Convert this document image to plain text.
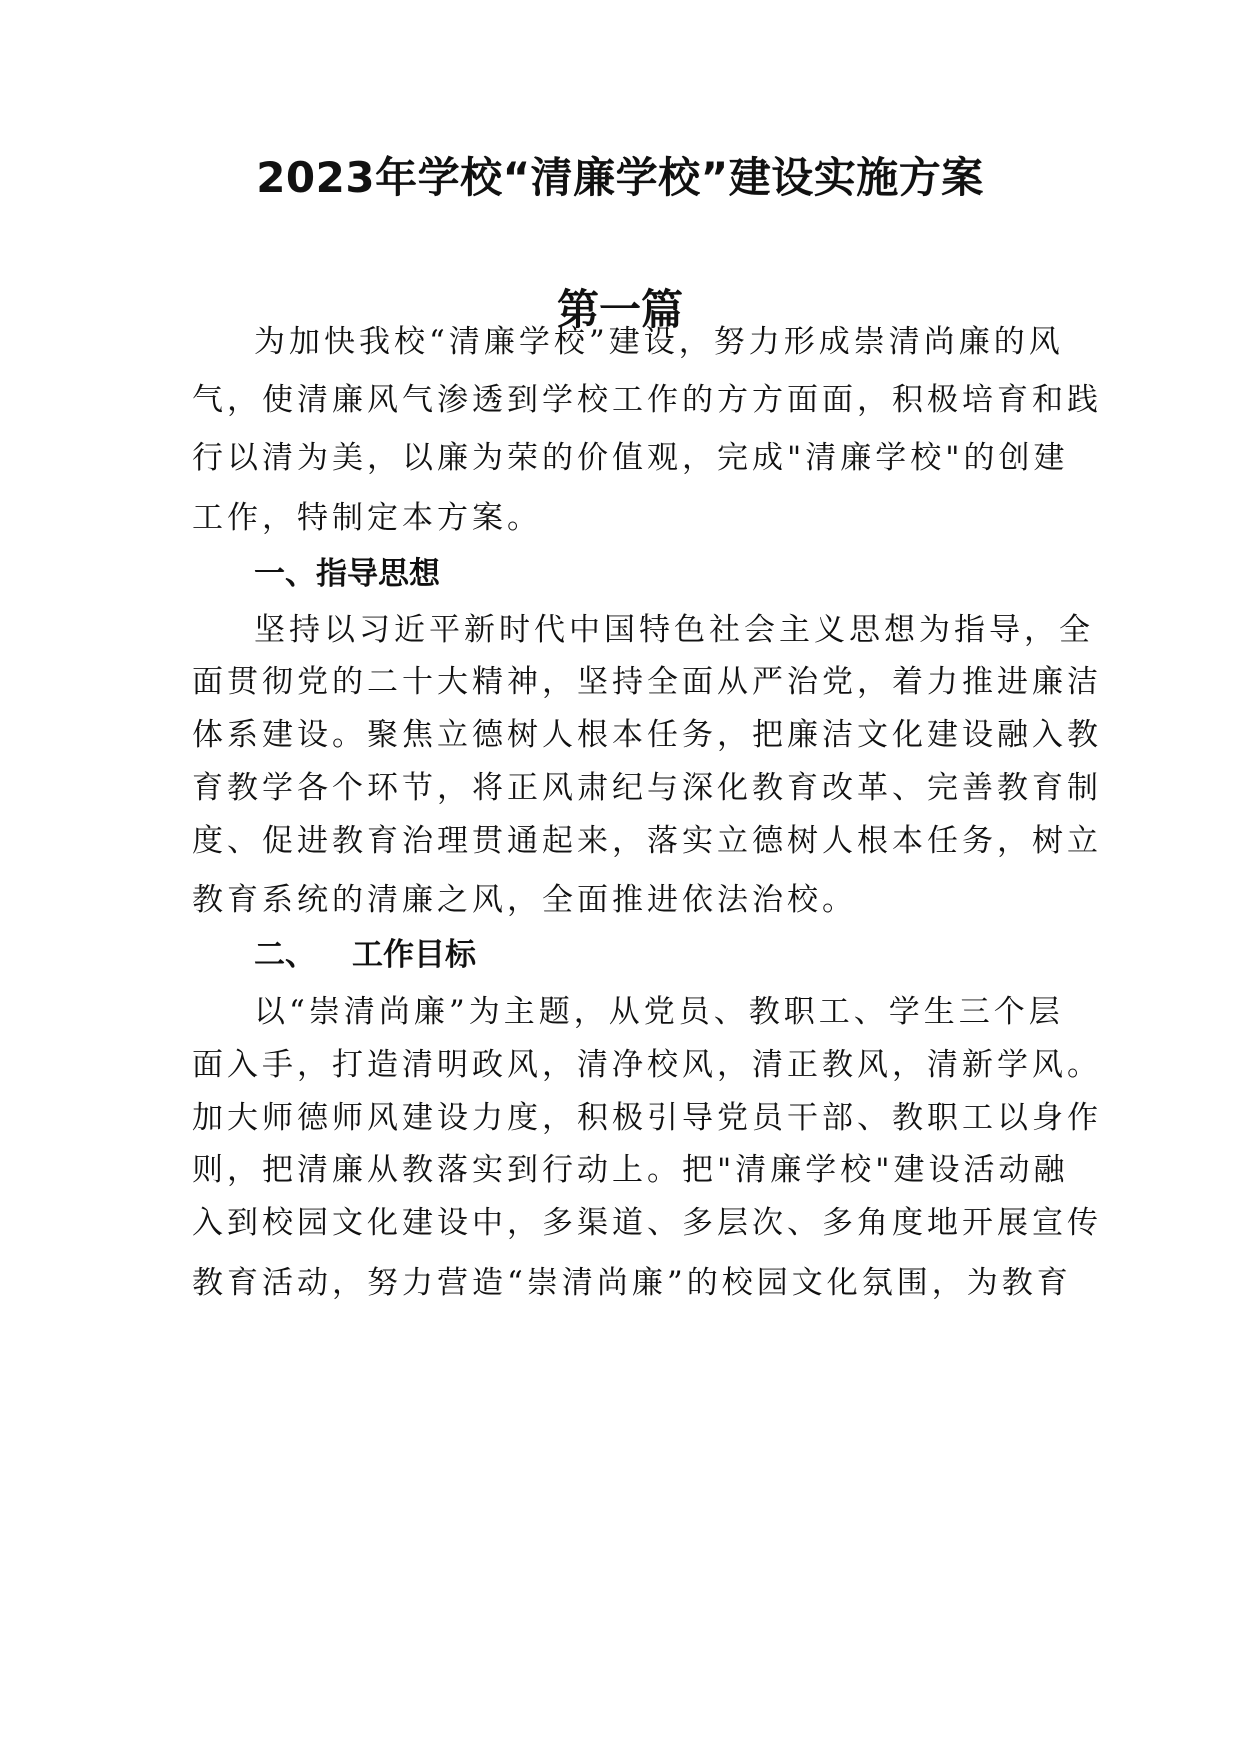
2023年学校“清廉学校”建设实施方案
第一篇
为加快我校“清廉学校”建设，努力形成崇清尚廉的风
气，使清廉风气渗透到学校工作的方方面面，积极培育和践
行以清为美，以廉为荣的价值观，完成"清廉学校"的创建
工作，特制定本方案。
一、指导思想
坚持以习近平新时代中国特色社会主义思想为指导，全
面贯彻党的二十大精神，坚持全面从严治党，着力推进廉洁
体系建设。聚焦立德树人根本任务，把廉洁文化建设融入教
育教学各个环节，将正风肃纪与深化教育改革、完善教育制
度、促进教育治理贯通起来，落实立德树人根本任务，树立
教育系统的清廉之风，全面推进依法治校。
二、 工作目标
以“崇清尚廉”为主题，从党员、教职工、学生三个层
面入手，打造清明政风，清净校风，清正教风，清新学风。
加大师德师风建设力度，积极引导党员干部、教职工以身作
则，把清廉从教落实到行动上。把"清廉学校"建设活动融
入到校园文化建设中，多渠道、多层次、多角度地开展宣传
教育活动，努力营造“崇清尚廉”的校园文化氛围，为教育
